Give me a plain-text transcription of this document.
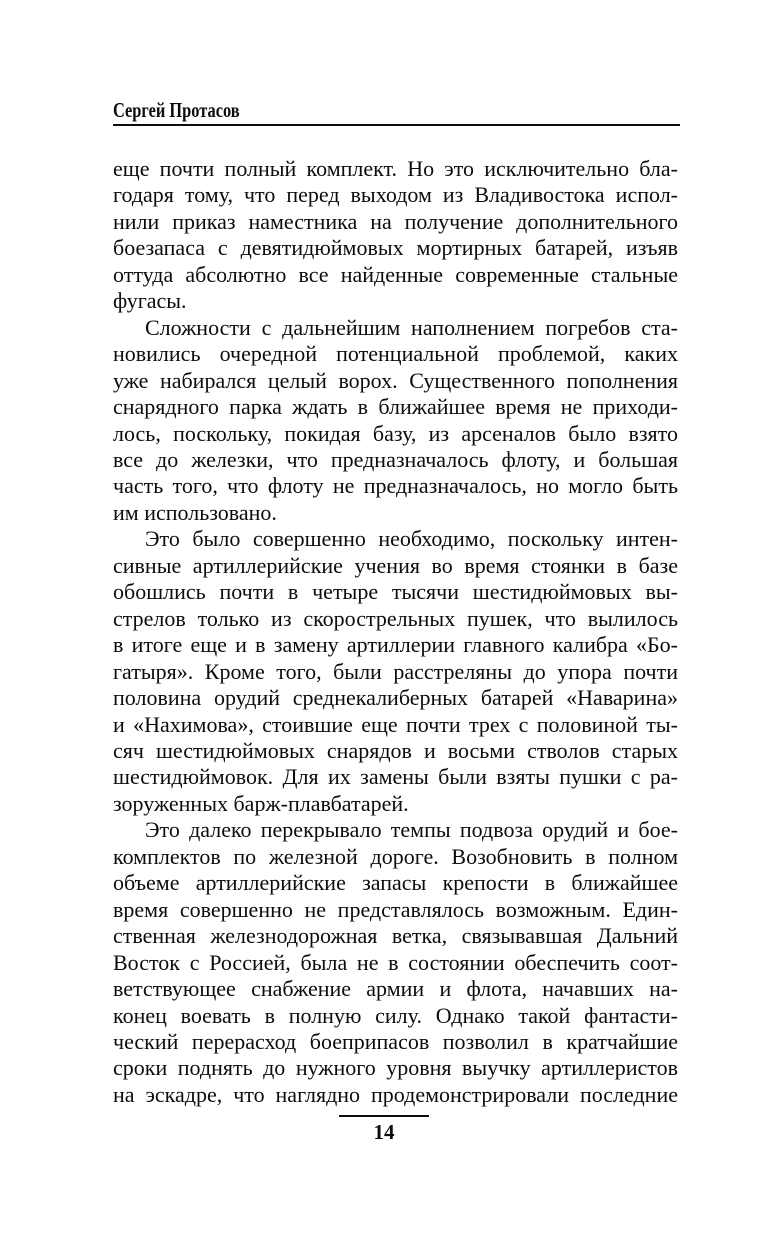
Сергей Протасов
еще почти полный комплект. Но это исключительно бла-
годаря тому, что перед выходом из Владивостока испол-
нили приказ наместника на получение дополнительного
боезапаса с девятидюймовых мортирных батарей, изъяв
оттуда абсолютно все найденные современные стальные
фугасы.
Сложности с дальнейшим наполнением погребов ста-
новились очередной потенциальной проблемой, каких
уже набирался целый ворох. Существенного пополнения
снарядного парка ждать в ближайшее время не приходи-
лось, поскольку, покидая базу, из арсеналов было взято
все до железки, что предназначалось флоту, и большая
часть того, что флоту не предназначалось, но могло быть
им использовано.
Это было совершенно необходимо, поскольку интен-
сивные артиллерийские учения во время стоянки в базе
обошлись почти в четыре тысячи шестидюймовых вы-
стрелов только из скорострельных пушек, что вылилось
в итоге еще и в замену артиллерии главного калибра «Бо-
гатыря». Кроме того, были расстреляны до упора почти
половина орудий среднекалиберных батарей «Наварина»
и «Нахимова», стоившие еще почти трех с половиной ты-
сяч шестидюймовых снарядов и восьми стволов старых
шестидюймовок. Для их замены были взяты пушки с ра-
зоруженных барж-плавбатарей.
Это далеко перекрывало темпы подвоза орудий и бое-
комплектов по железной дороге. Возобновить в полном
объеме артиллерийские запасы крепости в ближайшее
время совершенно не представлялось возможным. Един-
ственная железнодорожная ветка, связывавшая Дальний
Восток с Россией, была не в состоянии обеспечить соот-
ветствующее снабжение армии и флота, начавших на-
конец воевать в полную силу. Однако такой фантасти-
ческий перерасход боеприпасов позволил в кратчайшие
сроки поднять до нужного уровня выучку артиллеристов
на эскадре, что наглядно продемонстрировали последние
14
